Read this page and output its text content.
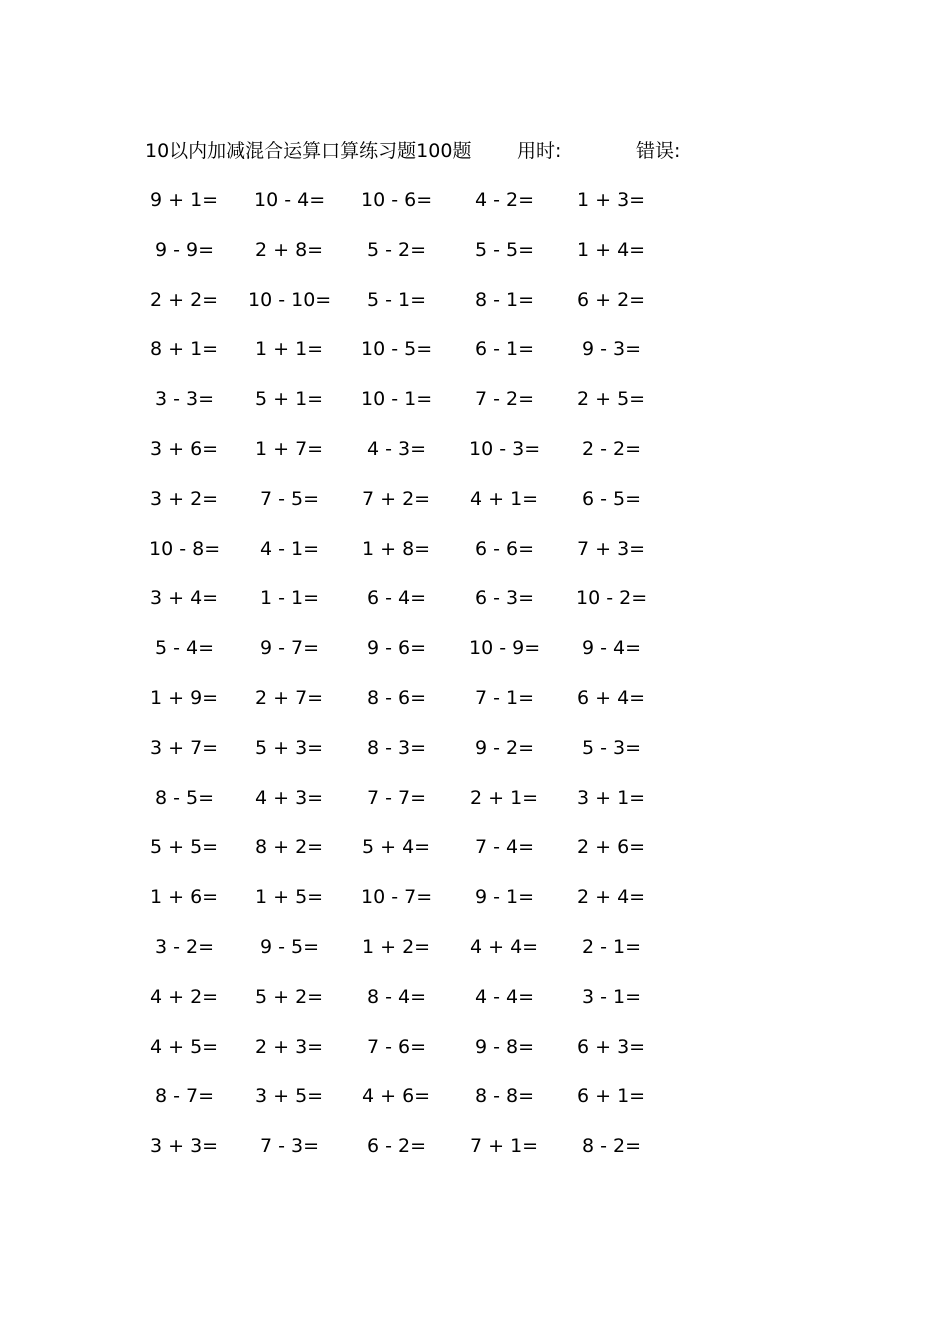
10以内加减混合运算口算练习题100题 用时:	错误:
9 + 1= 10 - 4= 10 - 6= 4 - 2= 1 + 3=
9 - 9= 2 + 8= 5 - 2=	5 - 5= 1 + 4=
2 + 2= 10 - 10= 5 - 1=	8 - 1= 6 + 2=
8 + 1= 1 + 1= 10 - 5= 6 - 1=	9 - 3=
3 - 3= 5 + 1= 10 - 1= 7 - 2= 2 + 5=
3 + 6= 1 + 7= 4 - 3= 10 - 3= 2 - 2=
3 + 2= 7 - 5= 7 + 2= 4 + 1= 6 - 5=
10 - 8= 4 - 1= 1 + 8= 6 - 6= 7 + 3=
3 + 4= 1 - 1=	6 - 4=	6 - 3= 10 - 2=
5 - 4= 9 - 7=	9 - 6= 10 - 9= 9 - 4=
1 + 9= 2 + 7= 8 - 6=	7 - 1= 6 + 4=
3 + 7= 5 + 3= 8 - 3=	9 - 2=	5 - 3=
8 - 5= 4 + 3= 7 - 7= 2 + 1= 3 + 1=
5 + 5= 8 + 2= 5 + 4= 7 - 4= 2 + 6=
1 + 6= 1 + 5= 10 - 7= 9 - 1= 2 + 4=
3 - 2= 9 - 5= 1 + 2= 4 + 4= 2 - 1=
4 + 2= 5 + 2= 8 - 4=	4 - 4=	3 - 1=
4 + 5= 2 + 3= 7 - 6=	9 - 8= 6 + 3=
8 - 7= 3 + 5= 4 + 6= 8 - 8= 6 + 1=
3 + 3= 7 - 3=	6 - 2= 7 + 1= 8 - 2=
